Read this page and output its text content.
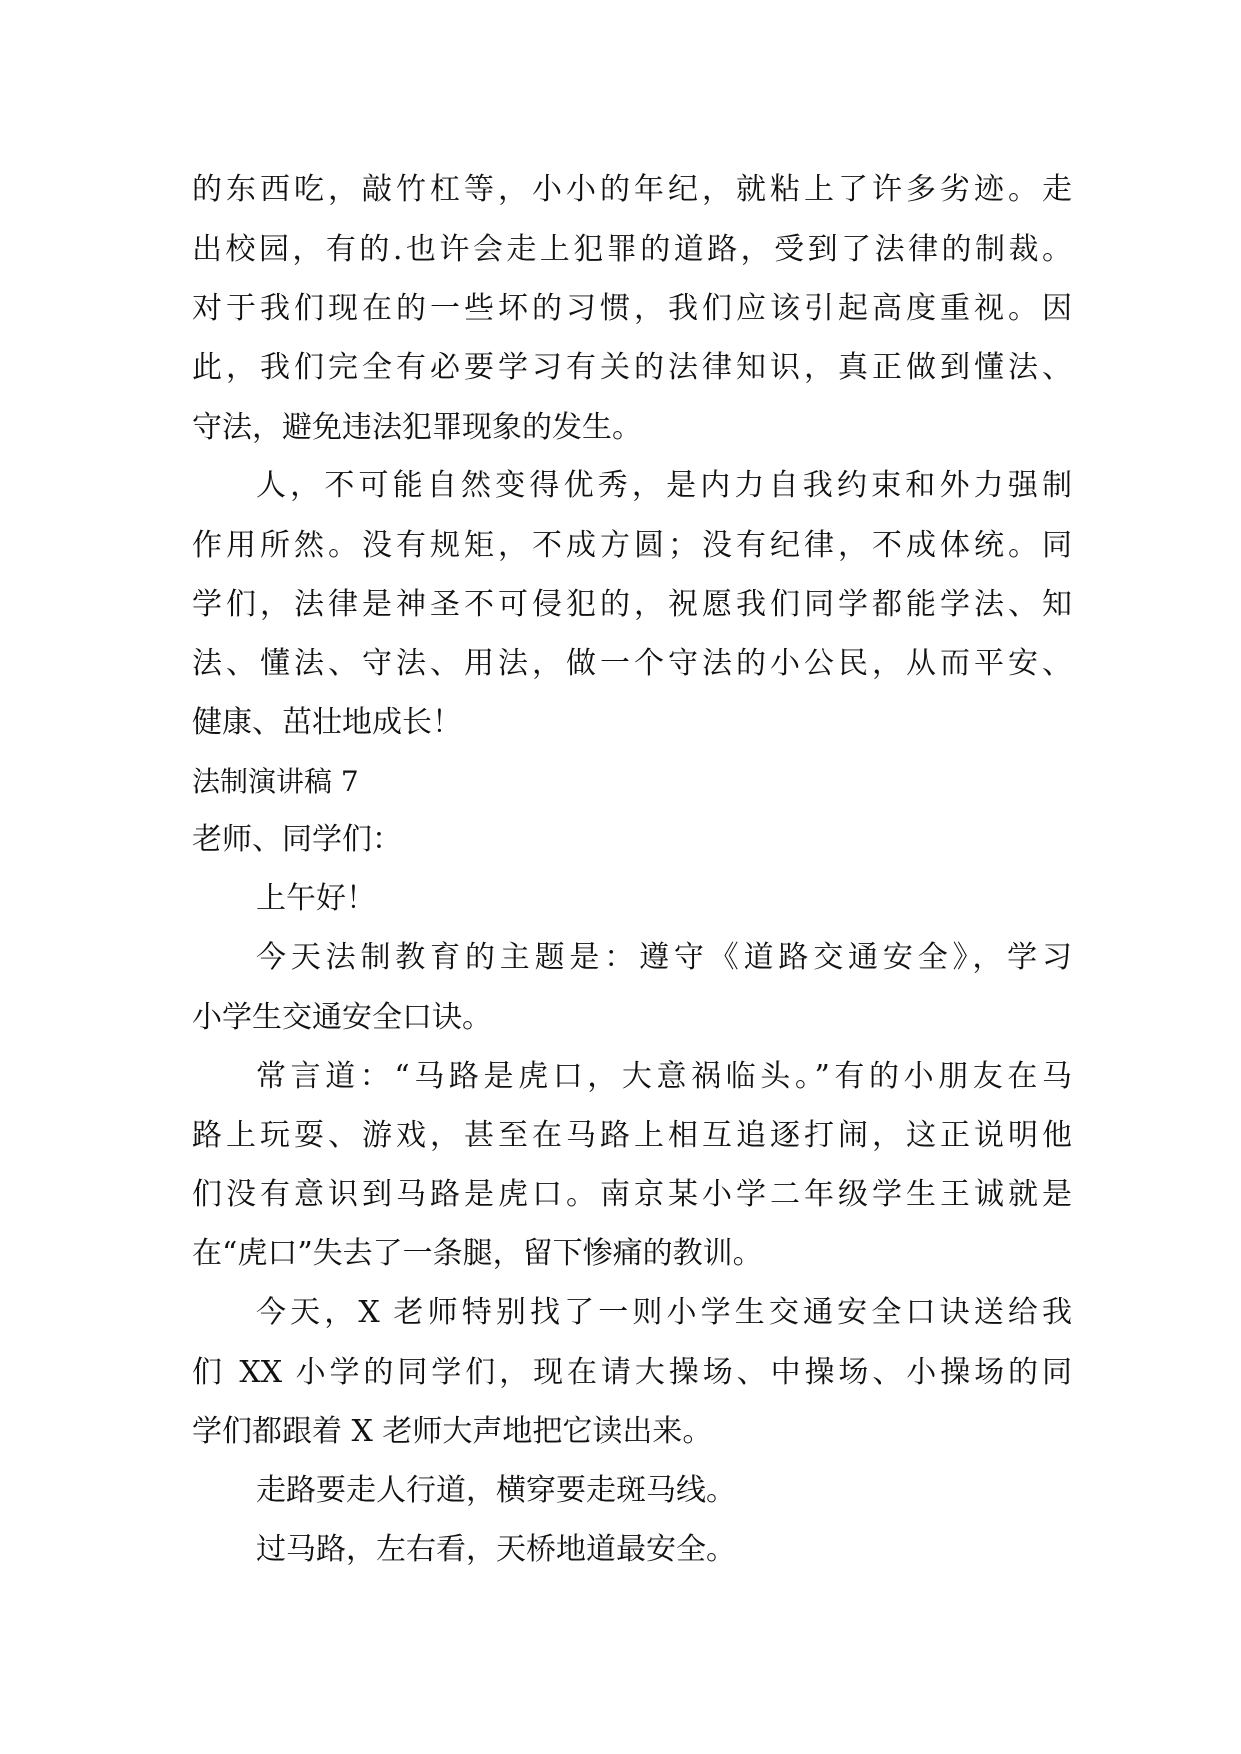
的东西吃，敲竹杠等，小小的年纪，就粘上了许多劣迹。走
出校园，有的.也许会走上犯罪的道路，受到了法律的制裁。
对于我们现在的一些坏的习惯，我们应该引起高度重视。因
此，我们完全有必要学习有关的法律知识，真正做到懂法、
守法，避免违法犯罪现象的发生。
人，不可能自然变得优秀，是内力自我约束和外力强制
作用所然。没有规矩，不成方圆；没有纪律，不成体统。同
学们，法律是神圣不可侵犯的，祝愿我们同学都能学法、知
法、懂法、守法、用法，做一个守法的小公民，从而平安、
健康、茁壮地成长！
法制演讲稿 7
老师、同学们：
上午好！
今天法制教育的主题是：遵守《道路交通安全》，学习
小学生交通安全口诀。
常言道：“马路是虎口，大意祸临头。”有的小朋友在马
路上玩耍、游戏，甚至在马路上相互追逐打闹，这正说明他
们没有意识到马路是虎口。南京某小学二年级学生王诚就是
在“虎口”失去了一条腿，留下惨痛的教训。
今天，X 老师特别找了一则小学生交通安全口诀送给我
们 XX 小学的同学们，现在请大操场、中操场、小操场的同
学们都跟着 X 老师大声地把它读出来。
走路要走人行道，横穿要走斑马线。
过马路，左右看，天桥地道最安全。
